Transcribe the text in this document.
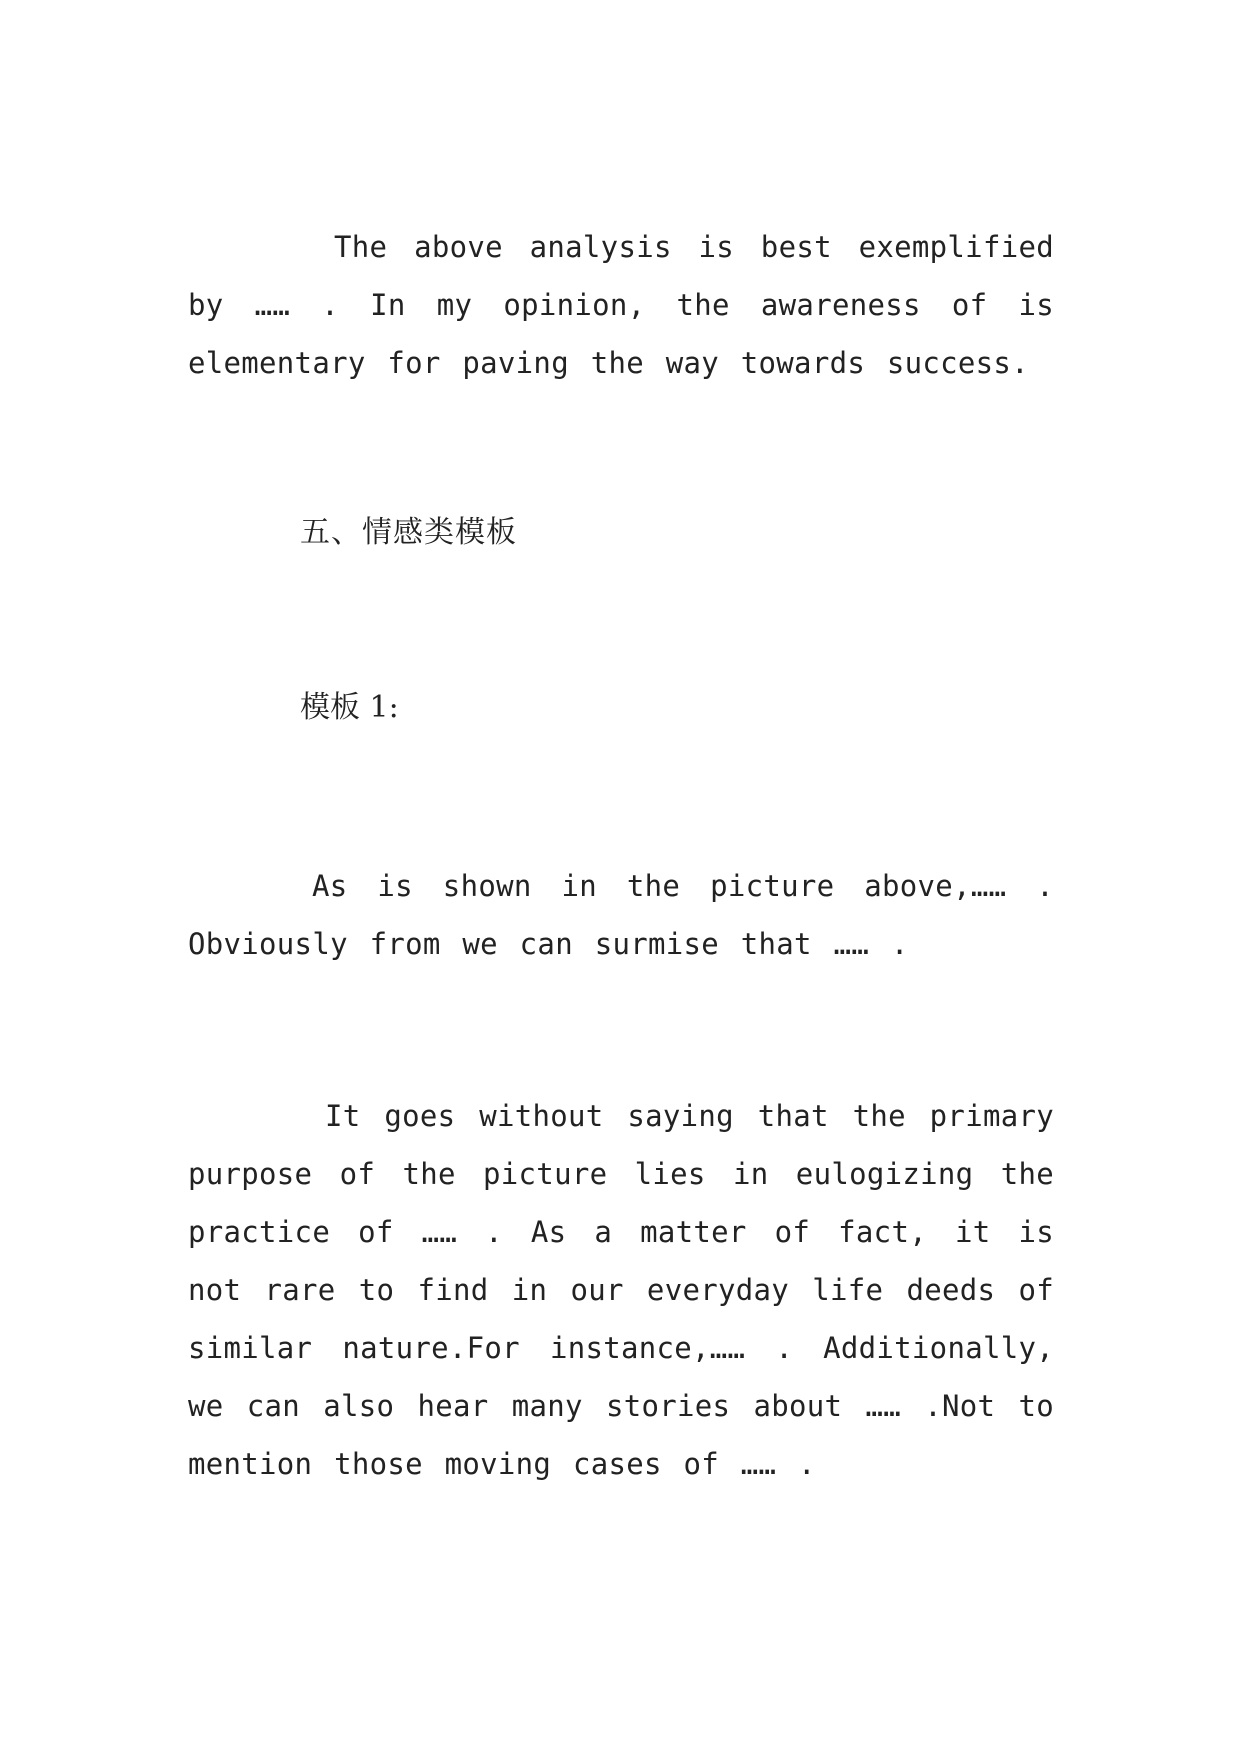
The above analysis is best exemplified by …… . In my opinion, the awareness of is elementary for paving the way towards success.

五、情感类模板

模板 1:

As is shown in the picture above,…… . Obviously from we can surmise that …… .

It goes without saying that the primary purpose of the picture lies in eulogizing the practice of …… . As a matter of fact, it is not rare to find in our everyday life deeds of similar nature.For instance,…… . Additionally, we can also hear many stories about …… .Not to mention those moving cases of …… .
